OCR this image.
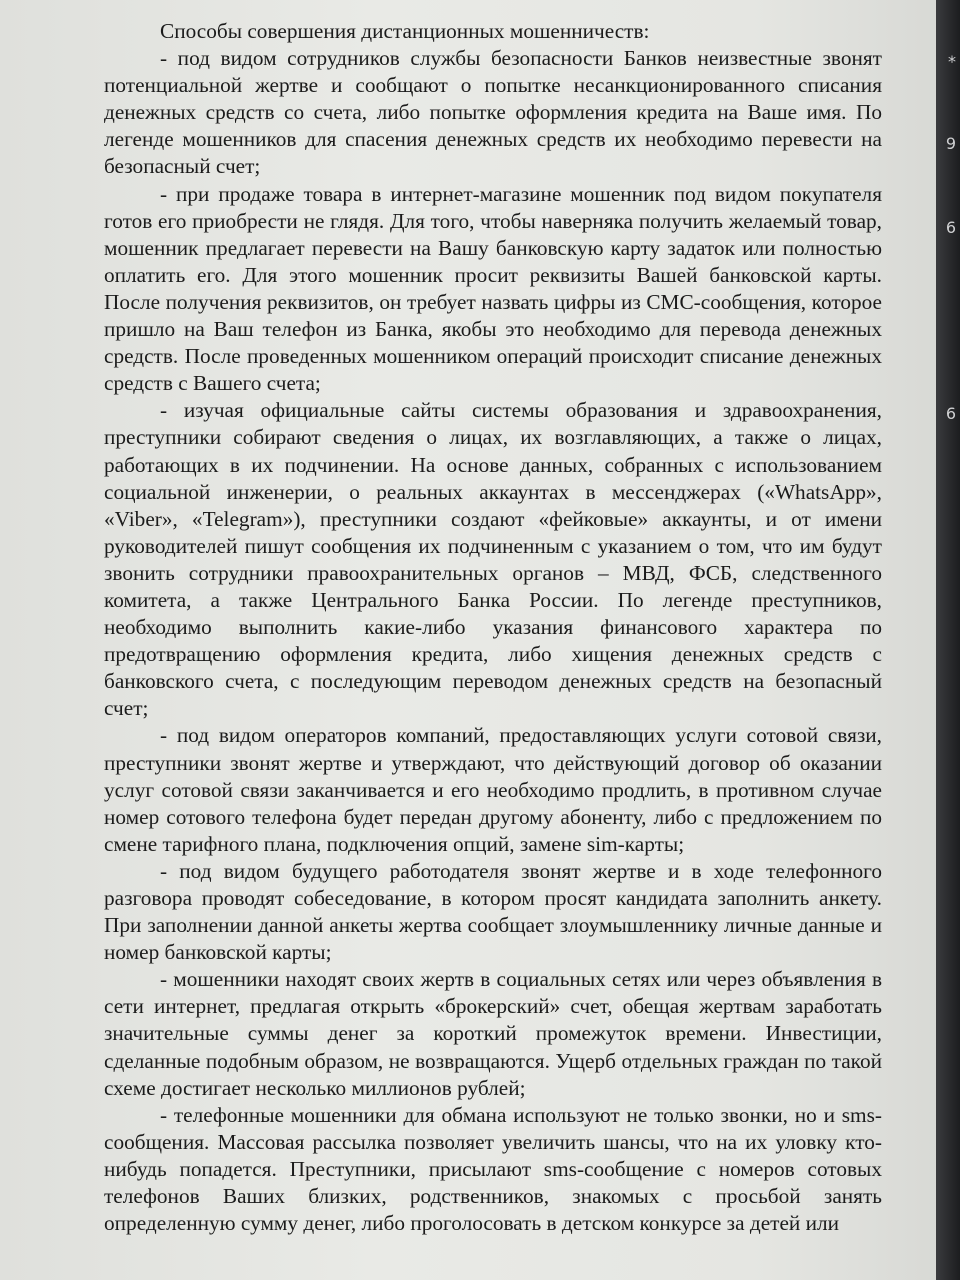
Способы совершения дистанционных мошенничеств:

- под видом сотрудников службы безопасности Банков неизвестные звонят потенциальной жертве и сообщают о попытке несанкционированного списания денежных средств со счета, либо попытке оформления кредита на Ваше имя. По легенде мошенников для спасения денежных средств их необходимо перевести на безопасный счет;

- при продаже товара в интернет-магазине мошенник под видом покупателя готов его приобрести не глядя. Для того, чтобы наверняка получить желаемый товар, мошенник предлагает перевести на Вашу банковскую карту задаток или полностью оплатить его. Для этого мошенник просит реквизиты Вашей банковской карты. После получения реквизитов, он требует назвать цифры из СМС-сообщения, которое пришло на Ваш телефон из Банка, якобы это необходимо для перевода денежных средств. После проведенных мошенником операций происходит списание денежных средств с Вашего счета;

- изучая официальные сайты системы образования и здравоохранения, преступники собирают сведения о лицах, их возглавляющих, а также о лицах, работающих в их подчинении. На основе данных, собранных с использованием социальной инженерии, о реальных аккаунтах в мессенджерах («WhatsApp», «Viber», «Telegram»), преступники создают «фейковые» аккаунты, и от имени руководителей пишут сообщения их подчиненным с указанием о том, что им будут звонить сотрудники правоохранительных органов – МВД, ФСБ, следственного комитета, а также Центрального Банка России. По легенде преступников, необходимо выполнить какие-либо указания финансового характера по предотвращению оформления кредита, либо хищения денежных средств с банковского счета, с последующим переводом денежных средств на безопасный счет;

- под видом операторов компаний, предоставляющих услуги сотовой связи, преступники звонят жертве и утверждают, что действующий договор об оказании услуг сотовой связи заканчивается и его необходимо продлить, в противном случае номер сотового телефона будет передан другому абоненту, либо с предложением по смене тарифного плана, подключения опций, замене sim-карты;

- под видом будущего работодателя звонят жертве и в ходе телефонного разговора проводят собеседование, в котором просят кандидата заполнить анкету. При заполнении данной анкеты жертва сообщает злоумышленнику личные данные и номер банковской карты;

- мошенники находят своих жертв в социальных сетях или через объявления в сети интернет, предлагая открыть «брокерский» счет, обещая жертвам заработать значительные суммы денег за короткий промежуток времени. Инвестиции, сделанные подобным образом, не возвращаются. Ущерб отдельных граждан по такой схеме достигает несколько миллионов рублей;

- телефонные мошенники для обмана используют не только звонки, но и sms-сообщения. Массовая рассылка позволяет увеличить шансы, что на их уловку кто-нибудь попадется. Преступники, присылают sms-сообщение с номеров сотовых телефонов Ваших близких, родственников, знакомых с просьбой занять определенную сумму денег, либо проголосовать в детском конкурсе за детей или

*
9
6
6
